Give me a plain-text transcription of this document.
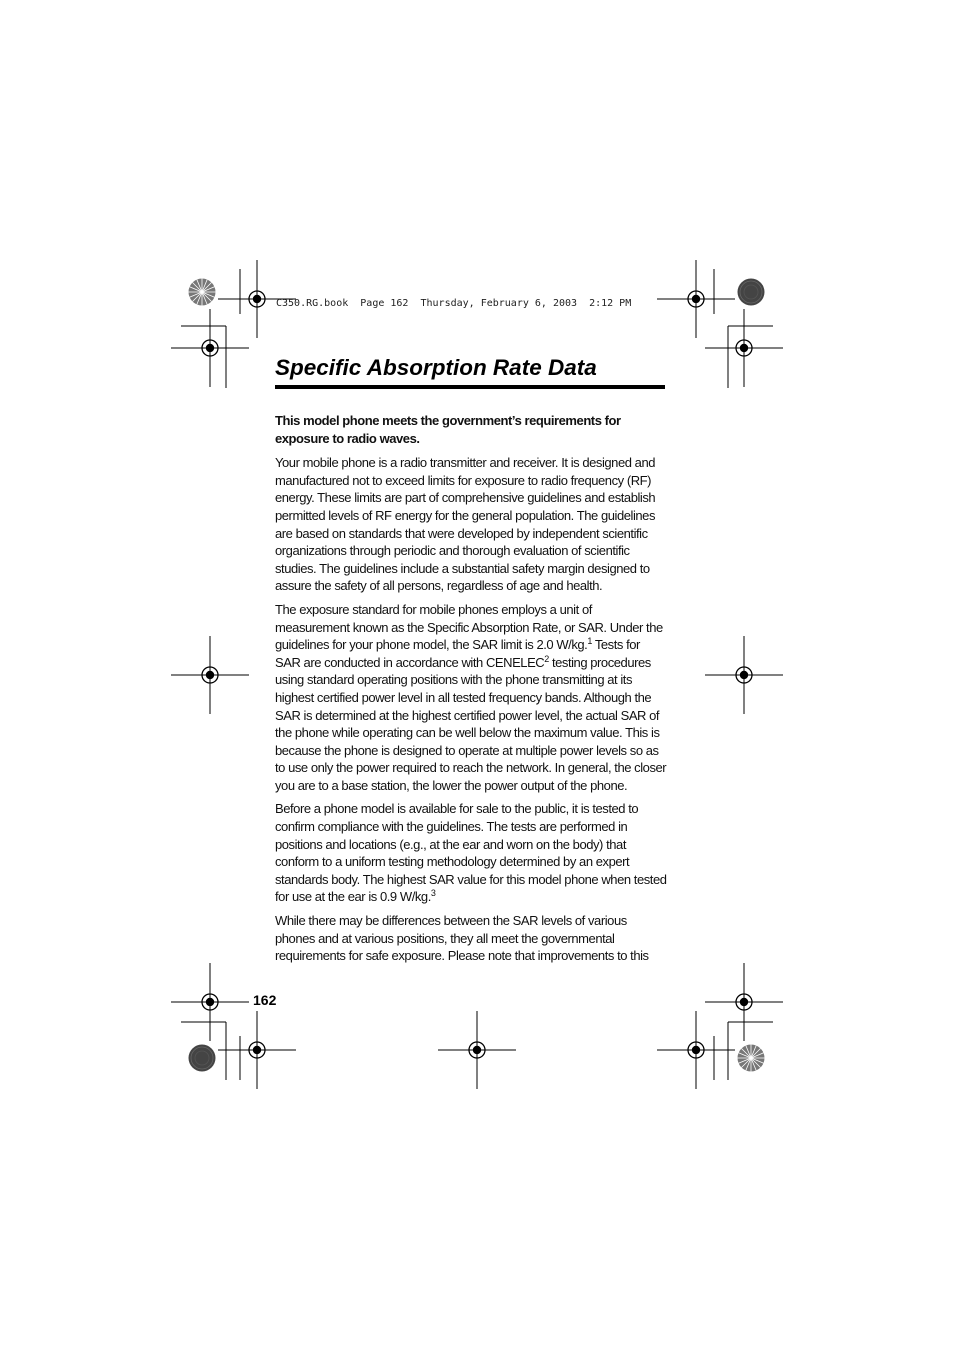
C350.RG.book  Page 162  Thursday, February 6, 2003  2:12 PM
Specific Absorption Rate Data

This model phone meets the government’s requirements for exposure to radio waves.

Your mobile phone is a radio transmitter and receiver. It is designed and manufactured not to exceed limits for exposure to radio frequency (RF) energy. These limits are part of comprehensive guidelines and establish permitted levels of RF energy for the general population. The guidelines are based on standards that were developed by independent scientific organizations through periodic and thorough evaluation of scientific studies. The guidelines include a substantial safety margin designed to assure the safety of all persons, regardless of age and health.

The exposure standard for mobile phones employs a unit of measurement known as the Specific Absorption Rate, or SAR. Under the guidelines for your phone model, the SAR limit is 2.0 W/kg.$^1$ Tests for SAR are conducted in accordance with CENELEC$^2$ testing procedures using standard operating positions with the phone transmitting at its highest certified power level in all tested frequency bands. Although the SAR is determined at the highest certified power level, the actual SAR of the phone while operating can be well below the maximum value. This is because the phone is designed to operate at multiple power levels so as to use only the power required to reach the network. In general, the closer you are to a base station, the lower the power output of the phone.

Before a phone model is available for sale to the public, it is tested to confirm compliance with the guidelines. The tests are performed in positions and locations (e.g., at the ear and worn on the body) that conform to a uniform testing methodology determined by an expert standards body. The highest SAR value for this model phone when tested for use at the ear is 0.9 W/kg.$^3$

While there may be differences between the SAR levels of various phones and at various positions, they all meet the governmental requirements for safe exposure. Please note that improvements to this

162
